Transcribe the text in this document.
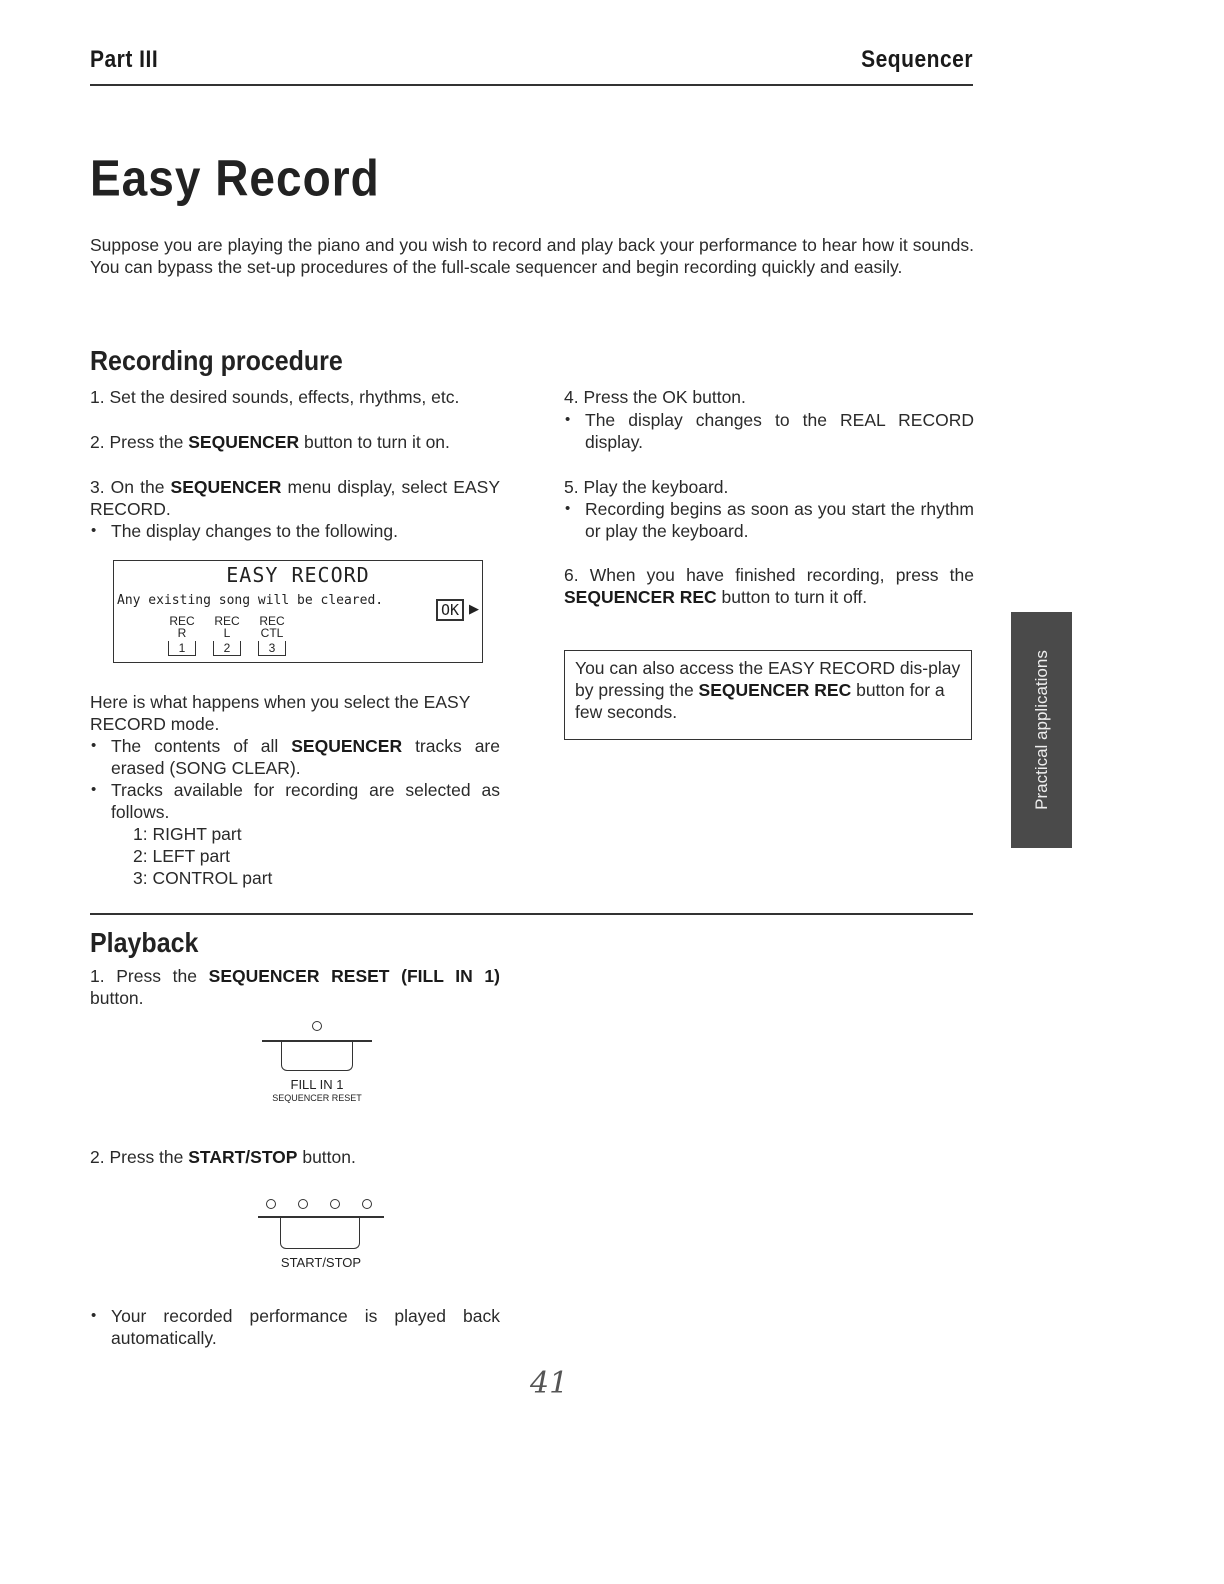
Part III	Sequencer
Easy Record
Suppose you are playing the piano and you wish to record and play back your performance to hear how it sounds. You can bypass the set-up procedures of the full-scale sequencer and begin recording quickly and easily.
Recording procedure
1. Set the desired sounds, effects, rhythms, etc.
2. Press the SEQUENCER button to turn it on.
3. On the SEQUENCER menu display, select EASY RECORD.
• The display changes to the following.
EASY RECORD
Any existing song will be cleared.
OK ▶
REC
R
1
REC
L
2
REC
CTL
3
Here is what happens when you select the EASY RECORD mode.
• The contents of all SEQUENCER tracks are erased (SONG CLEAR).
• Tracks available for recording are selected as follows.
1: RIGHT part
2: LEFT part
3: CONTROL part
4. Press the OK button.
• The display changes to the REAL RECORD display.
5. Play the keyboard.
• Recording begins as soon as you start the rhythm or play the keyboard.
6. When you have finished recording, press the SEQUENCER REC button to turn it off.
You can also access the EASY RECORD dis-play by pressing the SEQUENCER REC button for a few seconds.	Practical applications
Playback
1. Press the SEQUENCER RESET (FILL IN 1) button.
FILL IN 1
SEQUENCER RESET
2. Press the START/STOP button.
START/STOP
• Your recorded performance is played back automatically.
41
